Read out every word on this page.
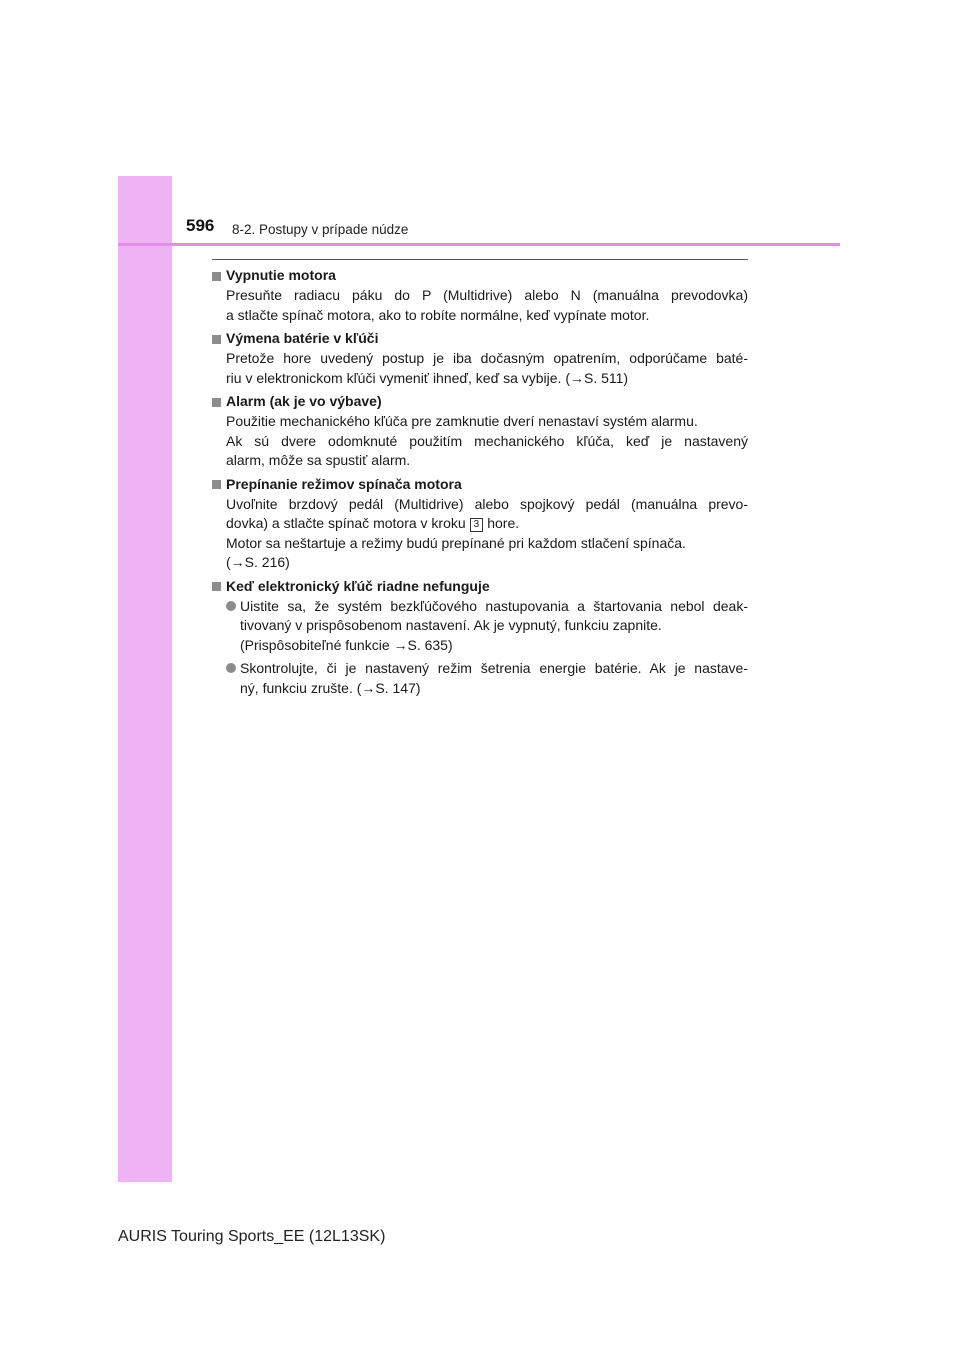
596 8-2. Postupy v prípade núdze
Vypnutie motora
Presuňte radiacu páku do P (Multidrive) alebo N (manuálna prevodovka)
a stlačte spínač motora, ako to robíte normálne, keď vypínate motor.
Výmena batérie v kľúči
Pretože hore uvedený postup je iba dočasným opatrením, odporúčame baté-
riu v elektronickom kľúči vymeniť ihneď, keď sa vybije. (→S. 511)
Alarm (ak je vo výbave)
Použitie mechanického kľúča pre zamknutie dverí nenastaví systém alarmu.
Ak sú dvere odomknuté použitím mechanického kľúča, keď je nastavený
alarm, môže sa spustiť alarm.
Prepínanie režimov spínača motora
Uvoľnite brzdový pedál (Multidrive) alebo spojkový pedál (manuálna prevo-
dovka) a stlačte spínač motora v kroku 3 hore.
Motor sa neštartuje a režimy budú prepínané pri každom stlačení spínača.
(→S. 216)
Keď elektronický kľúč riadne nefunguje
Uistite sa, že systém bezkľúčového nastupovania a štartovania nebol deak-
tivovaný v prispôsobenom nastavení. Ak je vypnutý, funkciu zapnite.
(Prispôsobiteľné funkcie →S. 635)
Skontrolujte, či je nastavený režim šetrenia energie batérie. Ak je nastave-
ný, funkciu zrušte. (→S. 147)
AURIS Touring Sports_EE (12L13SK)
